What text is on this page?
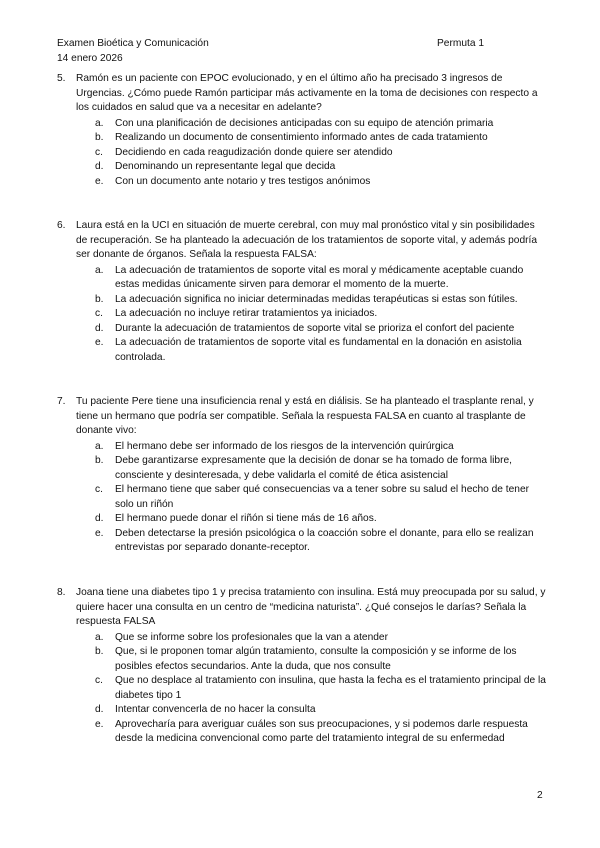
Examen Bioética y Comunicación
14 enero 2026
Permuta 1
5.	Ramón es un paciente con EPOC evolucionado, y en el último año ha precisado 3 ingresos de Urgencias. ¿Cómo puede Ramón participar más activamente en la toma de decisiones con respecto a los cuidados en salud que va a necesitar en adelante?
a.	Con una planificación de decisiones anticipadas con su equipo de atención primaria
b.	Realizando un documento de consentimiento informado antes de cada tratamiento
c.	Decidiendo en cada reagudización donde quiere ser atendido
d.	Denominando un representante legal que decida
e.	Con un documento ante notario y tres testigos anónimos
6.	Laura está en la UCI en situación de muerte cerebral, con muy mal pronóstico vital y sin posibilidades de recuperación. Se ha planteado la adecuación de los tratamientos de soporte vital, y además podría ser donante de órganos. Señala la respuesta FALSA:
a.	La adecuación de tratamientos de soporte vital es moral y médicamente aceptable cuando estas medidas únicamente sirven para demorar el momento de la muerte.
b.	La adecuación significa no iniciar determinadas medidas terapéuticas si estas son fútiles.
c.	La adecuación no incluye retirar tratamientos ya iniciados.
d.	Durante la adecuación de tratamientos de soporte vital se prioriza el confort del paciente
e.	La adecuación de tratamientos de soporte vital es fundamental en la donación en asistolia controlada.
7.	Tu paciente Pere tiene una insuficiencia renal y está en diálisis. Se ha planteado el trasplante renal, y tiene un hermano que podría ser compatible. Señala la respuesta FALSA en cuanto al trasplante de donante vivo:
a.	El hermano debe ser informado de los riesgos de la intervención quirúrgica
b.	Debe garantizarse expresamente que la decisión de donar se ha tomado de forma libre, consciente y desinteresada, y debe validarla el comité de ética asistencial
c.	El hermano tiene que saber qué consecuencias va a tener sobre su salud el hecho de tener solo un riñón
d.	El hermano puede donar el riñón si tiene más de 16 años.
e.	Deben detectarse la presión psicológica o la coacción sobre el donante, para ello se realizan entrevistas por separado donante-receptor.
8.	Joana tiene una diabetes tipo 1 y precisa tratamiento con insulina. Está muy preocupada por su salud, y quiere hacer una consulta en un centro de “medicina naturista”. ¿Qué consejos le darías? Señala la respuesta FALSA
a.	Que se informe sobre los profesionales que la van a atender
b.	Que, si le proponen tomar algún tratamiento, consulte la composición y se informe de los posibles efectos secundarios. Ante la duda, que nos consulte
c.	Que no desplace al tratamiento con insulina, que hasta la fecha es el tratamiento principal de la diabetes tipo 1
d.	Intentar convencerla de no hacer la consulta
e.	Aprovecharía para averiguar cuáles son sus preocupaciones, y si podemos darle respuesta desde la medicina convencional como parte del tratamiento integral de su enfermedad
2
